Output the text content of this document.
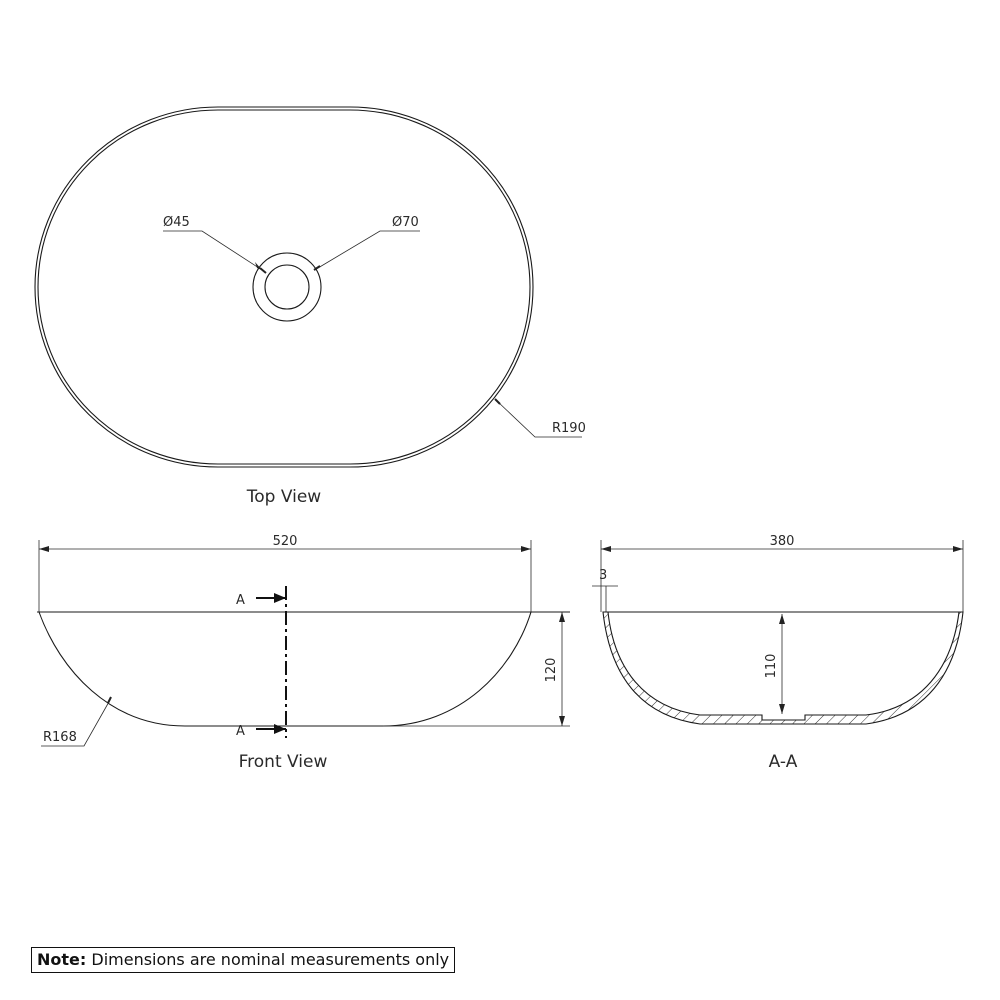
Ø45	Ø70
R190
Top View
520
120
A
A
R168
Front View
380
3
110
A-A
Note: Dimensions are nominal measurements only
